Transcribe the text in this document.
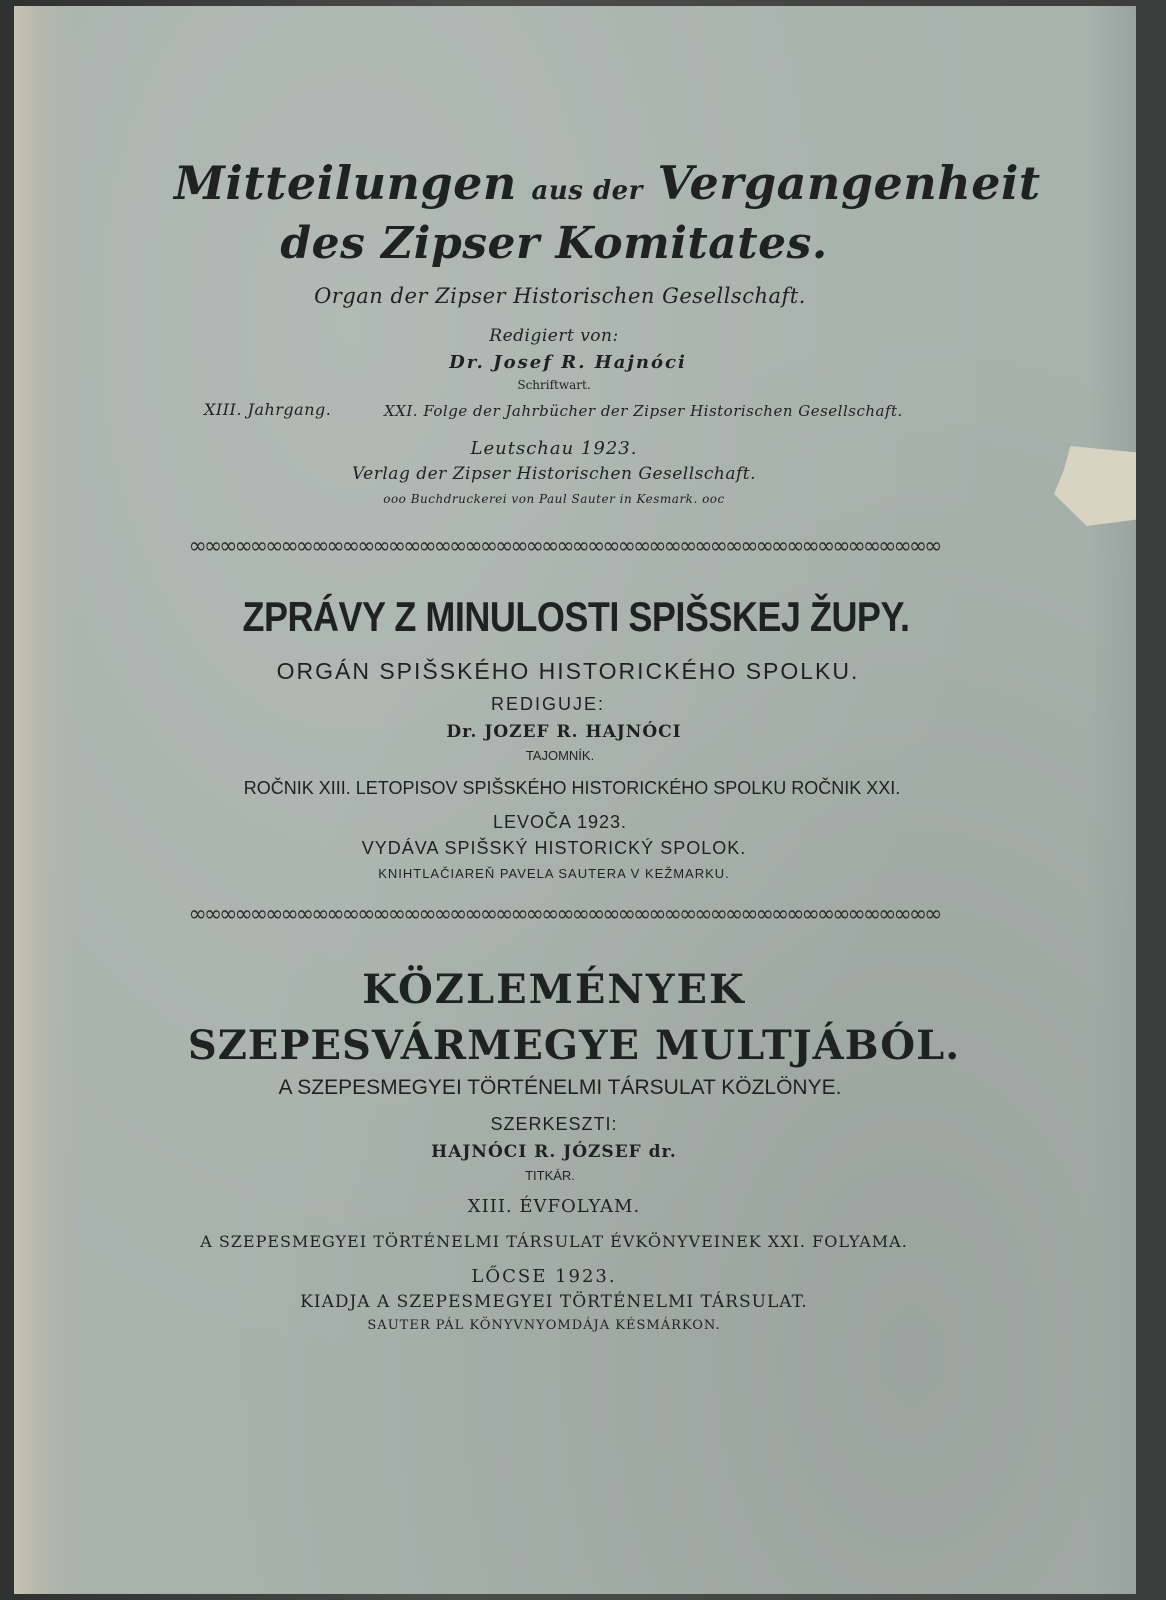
Mitteilungen aus der Vergangenheit
des Zipser Komitates.
Organ der Zipser Historischen Gesellschaft.
Redigiert von:
Dr. Josef R. Hajnóci
Schriftwart.
XIII. Jahrgang.	XXI. Folge der Jahrbücher der Zipser Historischen Gesellschaft.
Leutschau 1923.
Verlag der Zipser Historischen Gesellschaft.
ooo Buchdruckerei von Paul Sauter in Kesmark. ooc
∞∞∞∞∞∞∞∞∞∞∞∞∞∞∞∞∞∞∞∞∞∞∞∞∞∞∞∞∞∞∞∞∞∞∞∞∞∞∞∞∞∞∞∞∞∞∞∞∞
ZPRÁVY Z MINULOSTI SPIŠSKEJ ŽUPY.
ORGÁN SPIŠSKÉHO HISTORICKÉHO SPOLKU.
REDIGUJE:
Dr. JOZEF R. HAJNÓCI
TAJOMNÍK.
ROČNIK XIII. LETOPISOV SPIŠSKÉHO HISTORICKÉHO SPOLKU ROČNIK XXI.
LEVOČA 1923.
VYDÁVA SPIŠSKÝ HISTORICKÝ SPOLOK.
KNIHTLAČIAREŇ PAVELA SAUTERA V KEŽMARKU.
∞∞∞∞∞∞∞∞∞∞∞∞∞∞∞∞∞∞∞∞∞∞∞∞∞∞∞∞∞∞∞∞∞∞∞∞∞∞∞∞∞∞∞∞∞∞∞∞∞
KÖZLEMÉNYEK
SZEPESVÁRMEGYE MULTJÁBÓL.
A SZEPESMEGYEI TÖRTÉNELMI TÁRSULAT KÖZLÖNYE.
SZERKESZTI:
HAJNÓCI R. JÓZSEF dr.
TITKÁR.
XIII. ÉVFOLYAM.
A SZEPESMEGYEI TÖRTÉNELMI TÁRSULAT ÉVKÖNYVEINEK XXI. FOLYAMA.
LŐCSE 1923.
KIADJA A SZEPESMEGYEI TÖRTÉNELMI TÁRSULAT.
SAUTER PÁL KÖNYVNYOMDÁJA KÉSMÁRKON.
